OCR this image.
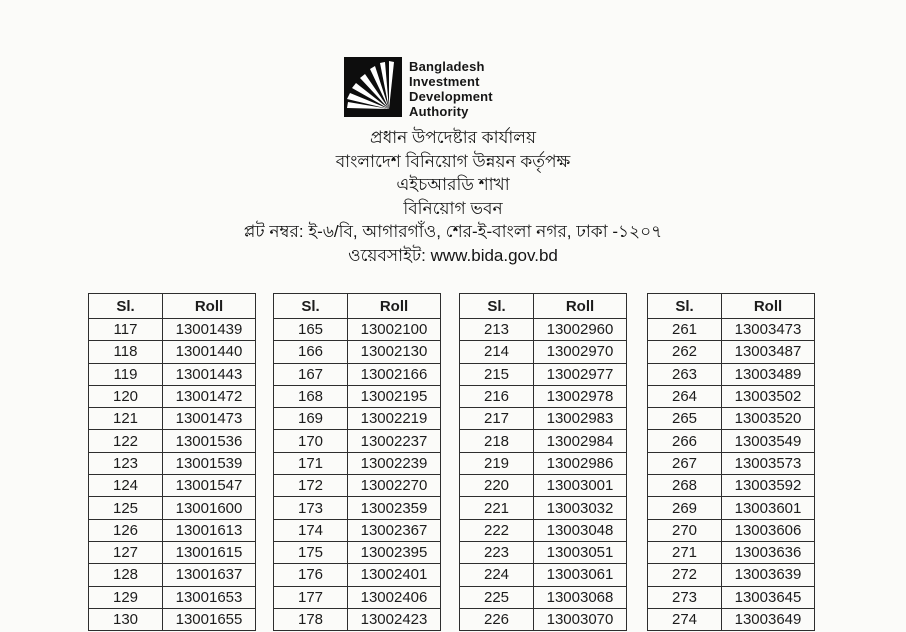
Bangladesh
Investment
Development
Authority
প্রধান উপদেষ্টার কার্যালয়
বাংলাদেশ বিনিয়োগ উন্নয়ন কর্তৃপক্ষ
এইচআরডি শাখা
বিনিয়োগ ভবন
প্লট নম্বর: ই-৬/বি, আগারগাঁও, শের-ই-বাংলা নগর, ঢাকা -১২০৭
ওয়েবসাইট: www.bida.gov.bd
Sl.	Roll
117	13001439
118	13001440
119	13001443
120	13001472
121	13001473
122	13001536
123	13001539
124	13001547
125	13001600
126	13001613
127	13001615
128	13001637
129	13001653
130	13001655
Sl.	Roll
165	13002100
166	13002130
167	13002166
168	13002195
169	13002219
170	13002237
171	13002239
172	13002270
173	13002359
174	13002367
175	13002395
176	13002401
177	13002406
178	13002423
Sl.	Roll
213	13002960
214	13002970
215	13002977
216	13002978
217	13002983
218	13002984
219	13002986
220	13003001
221	13003032
222	13003048
223	13003051
224	13003061
225	13003068
226	13003070
Sl.	Roll
261	13003473
262	13003487
263	13003489
264	13003502
265	13003520
266	13003549
267	13003573
268	13003592
269	13003601
270	13003606
271	13003636
272	13003639
273	13003645
274	13003649
